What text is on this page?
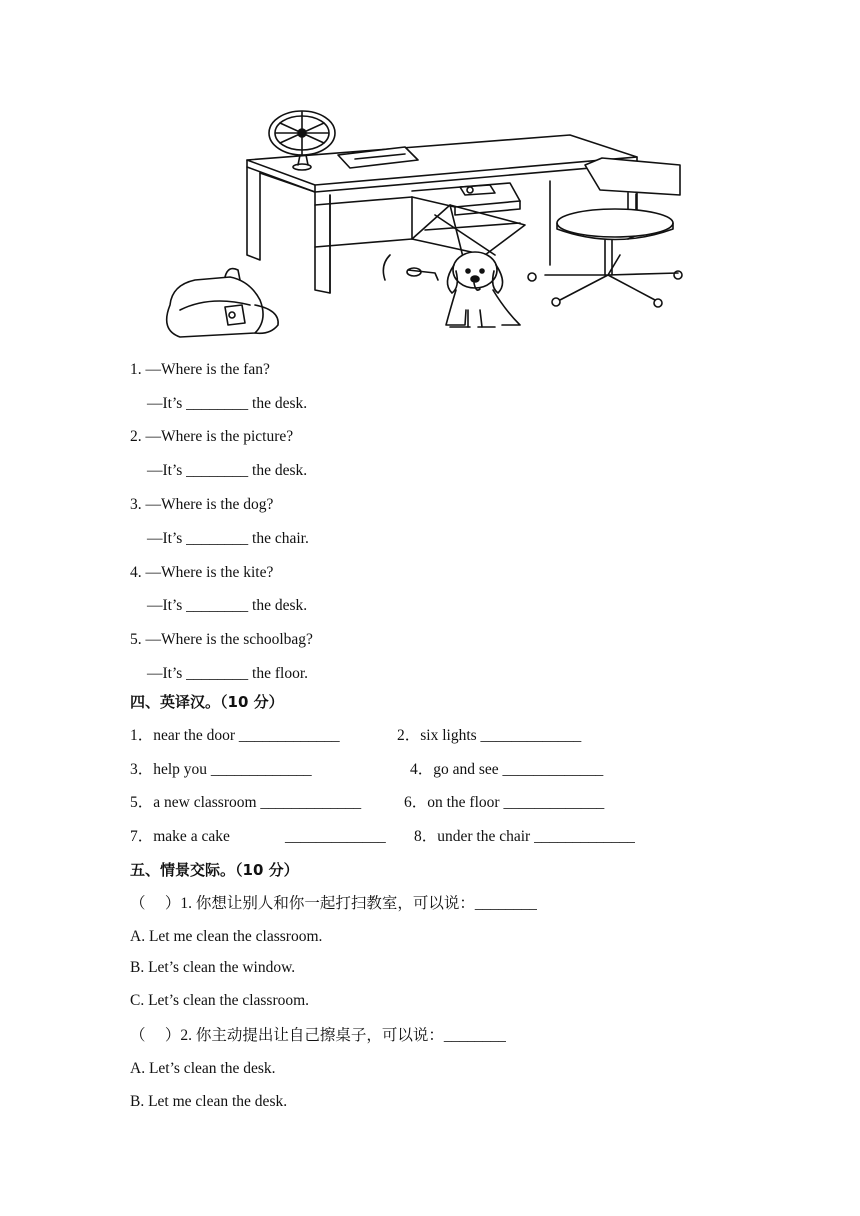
1. —Where is the fan?
—It’s ________ the desk.
2. —Where is the picture?
—It’s ________ the desk.
3. —Where is the dog?
—It’s ________ the chair.
4. —Where is the kite?
—It’s ________ the desk.
5. —Where is the schoolbag?
—It’s ________ the floor.
四、英译汉。（10 分）
1．near the door _____________	2．six lights _____________
3．help you _____________	4．go and see _____________
5．a new classroom _____________	6．on the floor _____________
7．make a cake	_____________ 8．under the chair _____________
五、情景交际。（10 分）
（　 ）1. 你想让别人和你一起打扫教室，可以说：________
A. Let me clean the classroom.
B. Let’s clean the window.
C. Let’s clean the classroom.
（　 ）2. 你主动提出让自己擦桌子，可以说：________
A. Let’s clean the desk.
B. Let me clean the desk.
